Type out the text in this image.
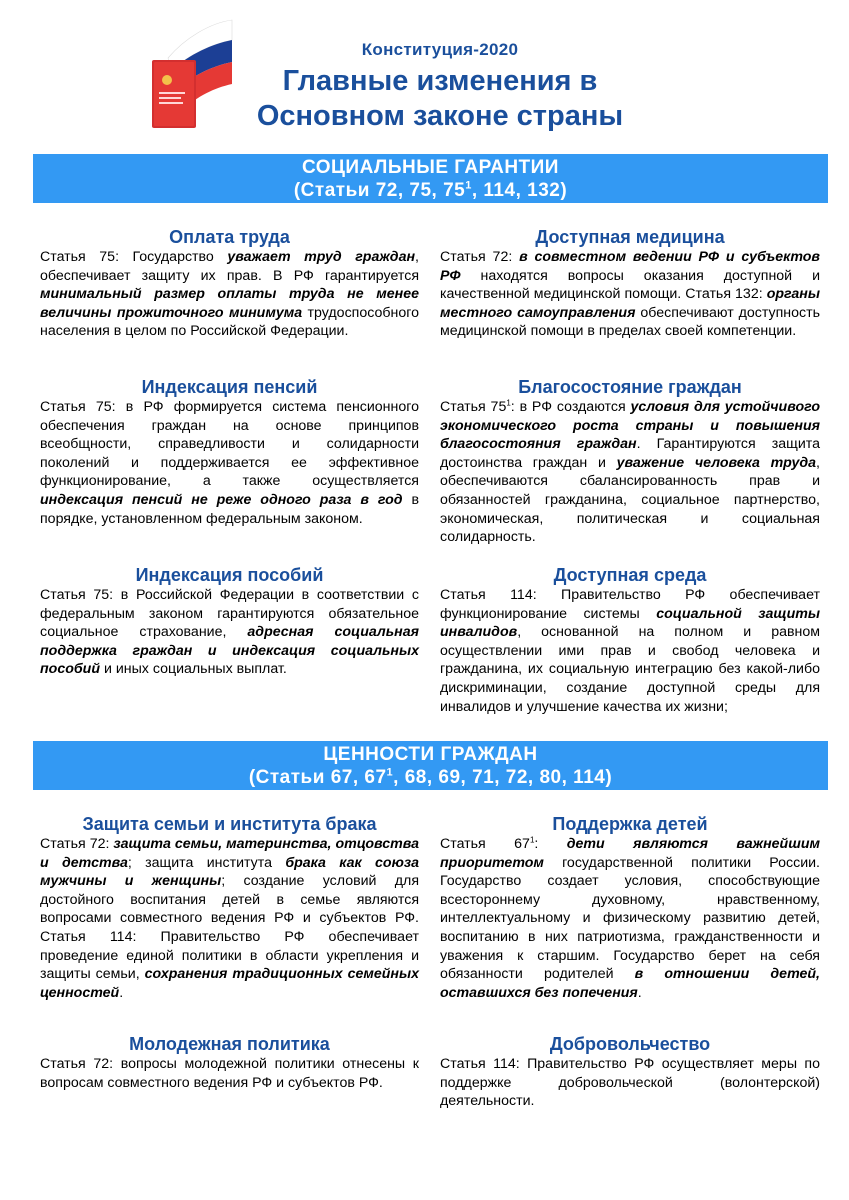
Конституция-2020
Главные изменения в
Основном законе страны
СОЦИАЛЬНЫЕ ГАРАНТИИ
(Статьи 72, 75, $75^1$, 114, 132)
Оплата труда

Статья 75: Государство уважает труд граждан, обеспечивает защиту их прав. В РФ гарантируется минимальный размер оплаты труда не менее величины прожиточного минимума трудоспособного населения в целом по Российской Федерации.

Индексация пенсий

Статья 75: в РФ формируется система пенсионного обеспечения граждан на основе принципов всеобщности, справедливости и солидарности поколений и поддерживается ее эффективное функционирование, а также осуществляется индексация пенсий не реже одного раза в год в порядке, установленном федеральным законом.

Индексация пособий

Статья 75: в Российской Федерации в соответствии с федеральным законом гарантируются обязательное социальное страхование, адресная социальная поддержка граждан и индексация социальных пособий и иных социальных выплат.

Доступная медицина

Статья 72: в совместном ведении РФ и субъектов РФ находятся вопросы оказания доступной и качественной медицинской помощи. Статья 132: органы местного самоуправления обеспечивают доступность медицинской помощи в пределах своей компетенции.

Благосостояние граждан

Статья $75^1$: в РФ создаются условия для устойчивого экономического роста страны и повышения благосостояния граждан. Гарантируются защита достоинства граждан и уважение человека труда, обеспечиваются сбалансированность прав и обязанностей гражданина, социальное партнерство, экономическая, политическая и социальная солидарность.

Доступная среда

Статья 114: Правительство РФ обеспечивает функционирование системы социальной защиты инвалидов, основанной на полном и равном осуществлении ими прав и свобод человека и гражданина, их социальную интеграцию без какой-либо дискриминации, создание доступной среды для инвалидов и улучшение качества их жизни;

ЦЕННОСТИ ГРАЖДАН
(Статьи 67, $67^1$, 68, 69, 71, 72, 80, 114)
Защита семьи и института брака

Статья 72: защита семьи, материнства, отцовства и детства; защита института брака как союза мужчины и женщины; создание условий для достойного воспитания детей в семье являются вопросами совместного ведения РФ и субъектов РФ. Статья 114: Правительство РФ обеспечивает проведение единой политики в области укрепления и защиты семьи, сохранения традиционных семейных ценностей.

Молодежная политика

Статья 72: вопросы молодежной политики отнесены к вопросам совместного ведения РФ и субъектов РФ.

Поддержка детей

Статья $67^1$: дети являются важнейшим приоритетом государственной политики России. Государство создает условия, способствующие всестороннему духовному, нравственному, интеллектуальному и физическому развитию детей, воспитанию в них патриотизма, гражданственности и уважения к старшим. Государство берет на себя обязанности родителей в отношении детей, оставшихся без попечения.

Добровольчество

Статья 114: Правительство РФ осуществляет меры по поддержке добровольческой (волонтерской) деятельности.
